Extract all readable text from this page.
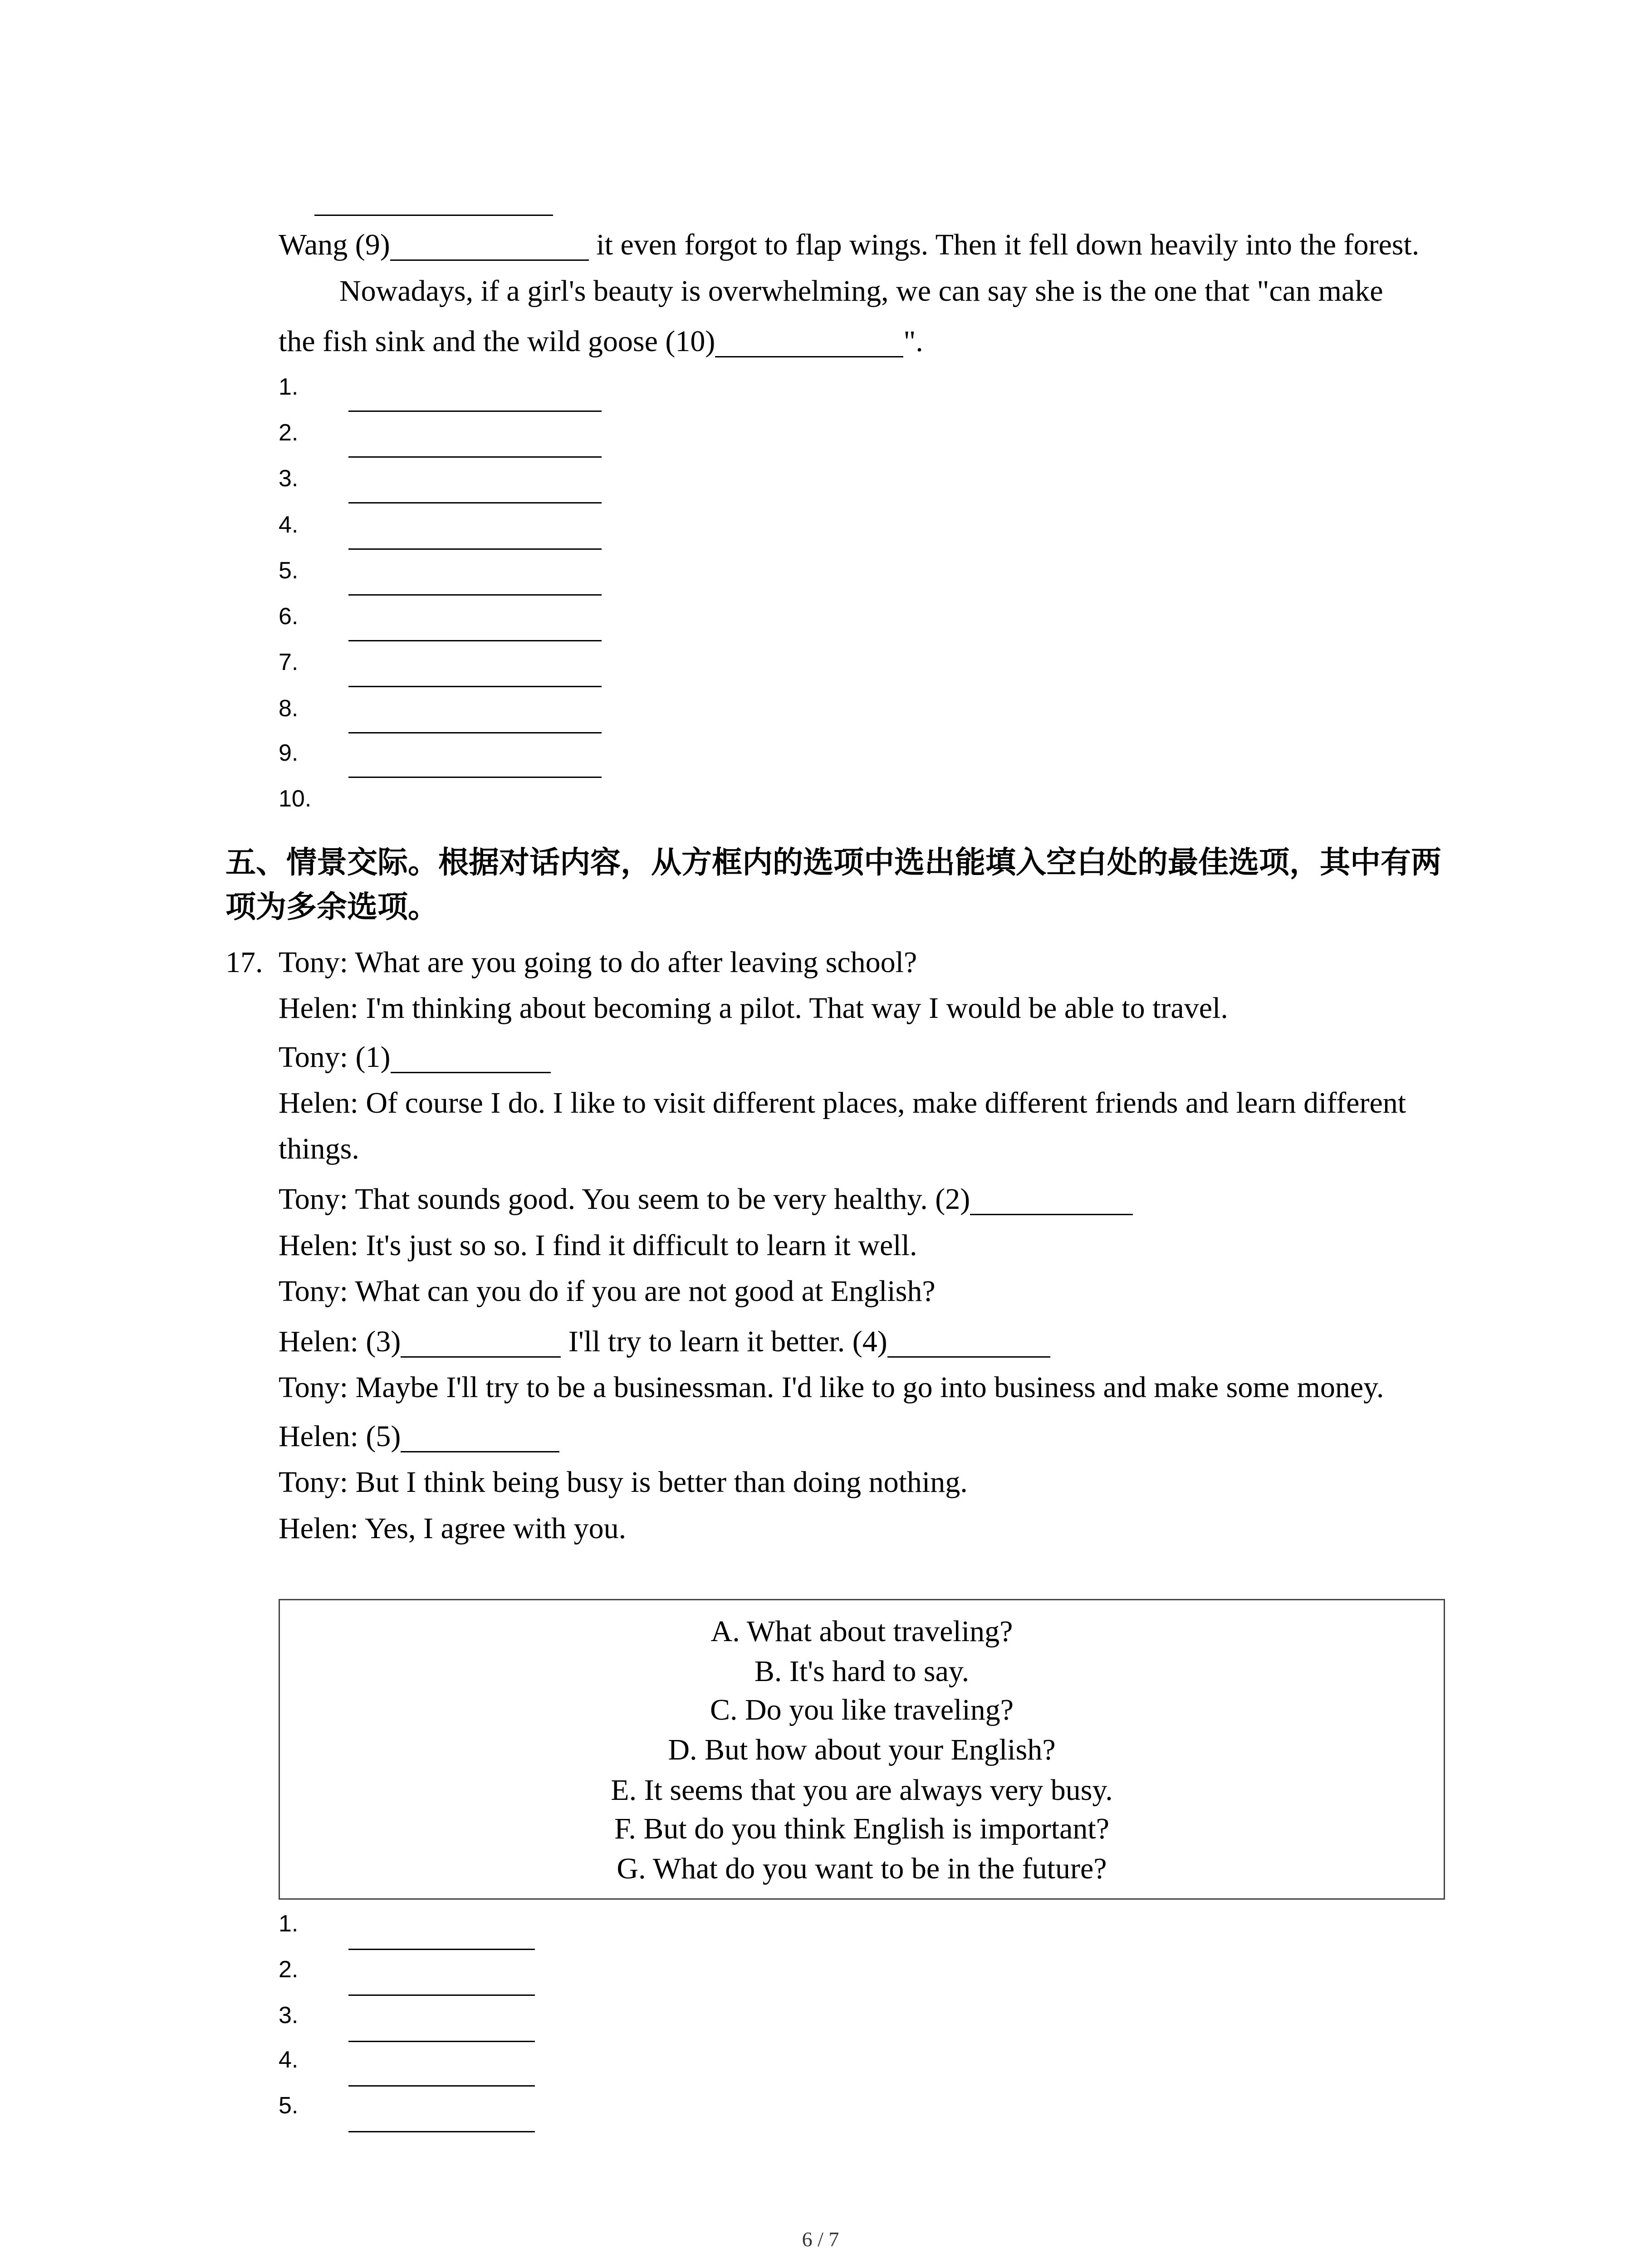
Wang (9)	it even forgot to flap wings. Then it fell down heavily into the forest.
Nowadays, if a girl's beauty is overwhelming, we can say she is the one that "can make
the fish sink and the wild goose (10)	".
1.
2.
3.
4.
5.
6.
7.
8.
9.
10.
五、情景交际。根据对话内容，从方框内的选项中选出能填入空白处的最佳选项，其中有两
项为多余选项。
17. Tony: What are you going to do after leaving school?
Helen: I'm thinking about becoming a pilot. That way I would be able to travel.
Tony: (1)
Helen: Of course I do. I like to visit different places, make different friends and learn different
things.
Tony: That sounds good. You seem to be very healthy. (2)
Helen: It's just so so. I find it difficult to learn it well.
Tony: What can you do if you are not good at English?
Helen: (3)	I'll try to learn it better. (4)
Tony: Maybe I'll try to be a businessman. I'd like to go into business and make some money.
Helen: (5)
Tony: But I think being busy is better than doing nothing.
Helen: Yes, I agree with you.
A. What about traveling?
B. It's hard to say.
C. Do you like traveling?
D. But how about your English?
E. It seems that you are always very busy.
F. But do you think English is important?
G. What do you want to be in the future?
1.
2.
3.
4.
5.
6 / 7
